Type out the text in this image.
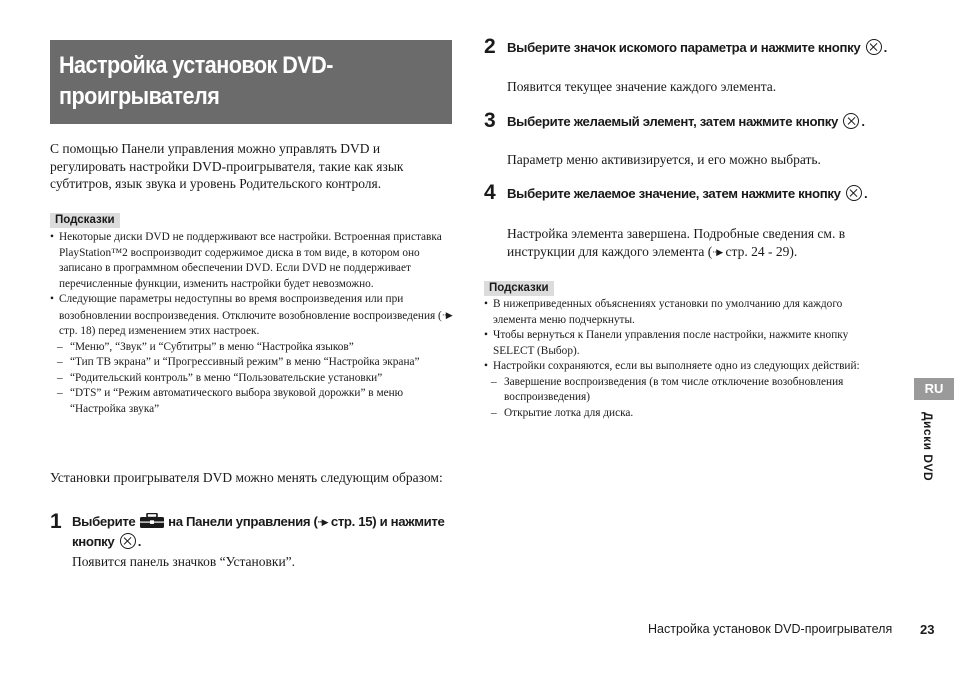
Настройка установок DVD-проигрывателя
С помощью Панели управления можно управлять DVD и регулировать настройки DVD-проигрывателя, такие как язык субтитров, язык звука и уровень Родительского контроля.
Подсказки
• Некоторые диски DVD не поддерживают все настройки. Встроенная приставка PlayStation™2 воспроизводит содержимое диска в том виде, в котором оно записано в программном обеспечении DVD. Если DVD не поддерживает перечисленные функции, изменить настройки будет невозможно.
• Следующие параметры недоступны во время воспроизведения или при возобновлении воспроизведения. Отключите возобновление воспроизведения (··▶ стр. 18) перед изменением этих настроек.
– “Меню”, “Звук” и “Субтитры” в меню “Настройка языков”
– “Тип ТВ экрана” и “Прогрессивный режим” в меню “Настройка экрана”
– “Родительский контроль” в меню “Пользовательские установки”
– “DTS” и “Режим автоматического выбора звуковой дорожки” в меню “Настройка звука”
Установки проигрывателя DVD можно менять следующим образом:
1 Выберите на Панели управления (··▶ стр. 15) и нажмите кнопку .
Появится панель значков “Установки”.
2 Выберите значок искомого параметра и нажмите кнопку .
Появится текущее значение каждого элемента.
3 Выберите желаемый элемент, затем нажмите кнопку .
Параметр меню активизируется, и его можно выбрать.
4 Выберите желаемое значение, затем нажмите кнопку .
Настройка элемента завершена. Подробные сведения см. в инструкции для каждого элемента (··▶ стр. 24 - 29).
Подсказки
• В нижеприведенных объяснениях установки по умолчанию для каждого элемента меню подчеркнуты.
• Чтобы вернуться к Панели управления после настройки, нажмите кнопку SELECT (Выбор).
• Настройки сохраняются, если вы выполняете одно из следующих действий:
– Завершение воспроизведения (в том числе отключение возобновления воспроизведения)
– Открытие лотка для диска.
RU
Диски DVD
Настройка установок DVD-проигрывателя 23
